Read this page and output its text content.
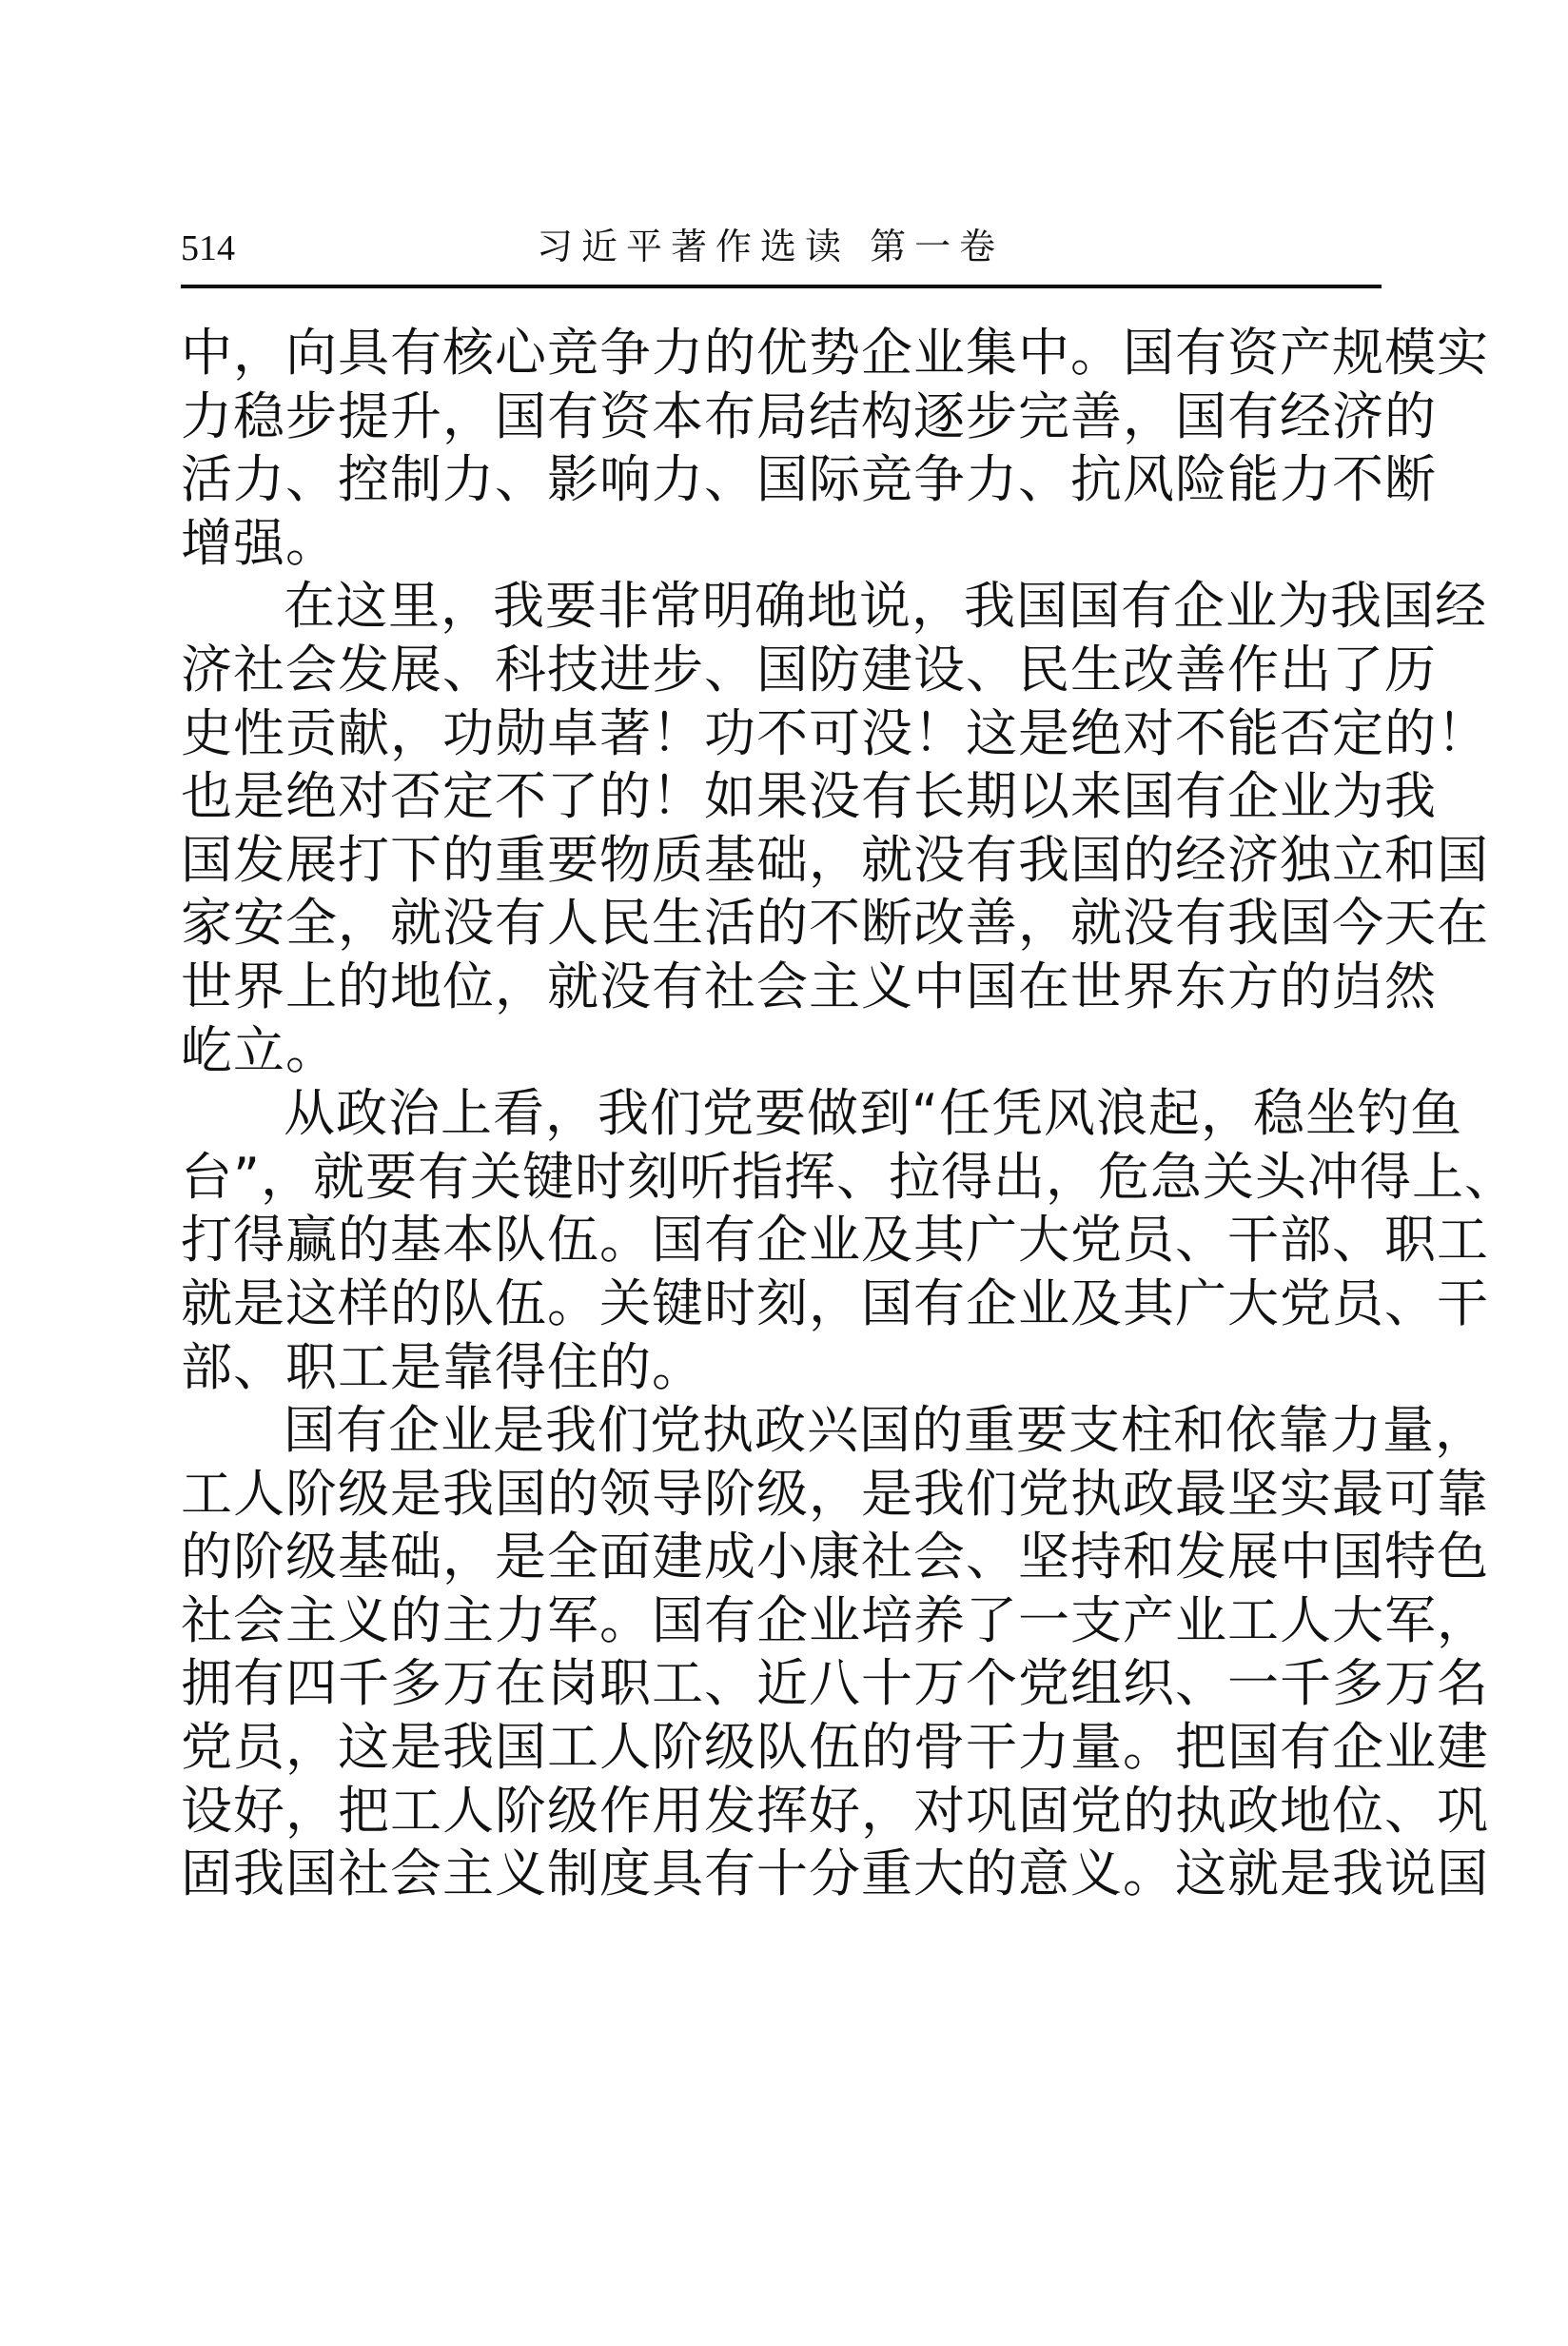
514	习近平著作选读 第一卷
中，向具有核心竞争力的优势企业集中。国有资产规模实
力稳步提升，国有资本布局结构逐步完善，国有经济的
活力、控制力、影响力、国际竞争力、抗风险能力不断
增强。
在这里，我要非常明确地说，我国国有企业为我国经
济社会发展、科技进步、国防建设、民生改善作出了历
史性贡献，功勋卓著！功不可没！这是绝对不能否定的！
也是绝对否定不了的！如果没有长期以来国有企业为我
国发展打下的重要物质基础，就没有我国的经济独立和国
家安全，就没有人民生活的不断改善，就没有我国今天在
世界上的地位，就没有社会主义中国在世界东方的岿然
屹立。
从政治上看，我们党要做到“任凭风浪起，稳坐钓鱼
台”，就要有关键时刻听指挥、拉得出，危急关头冲得上、
打得赢的基本队伍。国有企业及其广大党员、干部、职工
就是这样的队伍。关键时刻，国有企业及其广大党员、干
部、职工是靠得住的。
国有企业是我们党执政兴国的重要支柱和依靠力量，
工人阶级是我国的领导阶级，是我们党执政最坚实最可靠
的阶级基础，是全面建成小康社会、坚持和发展中国特色
社会主义的主力军。国有企业培养了一支产业工人大军，
拥有四千多万在岗职工、近八十万个党组织、一千多万名
党员，这是我国工人阶级队伍的骨干力量。把国有企业建
设好，把工人阶级作用发挥好，对巩固党的执政地位、巩
固我国社会主义制度具有十分重大的意义。这就是我说国
